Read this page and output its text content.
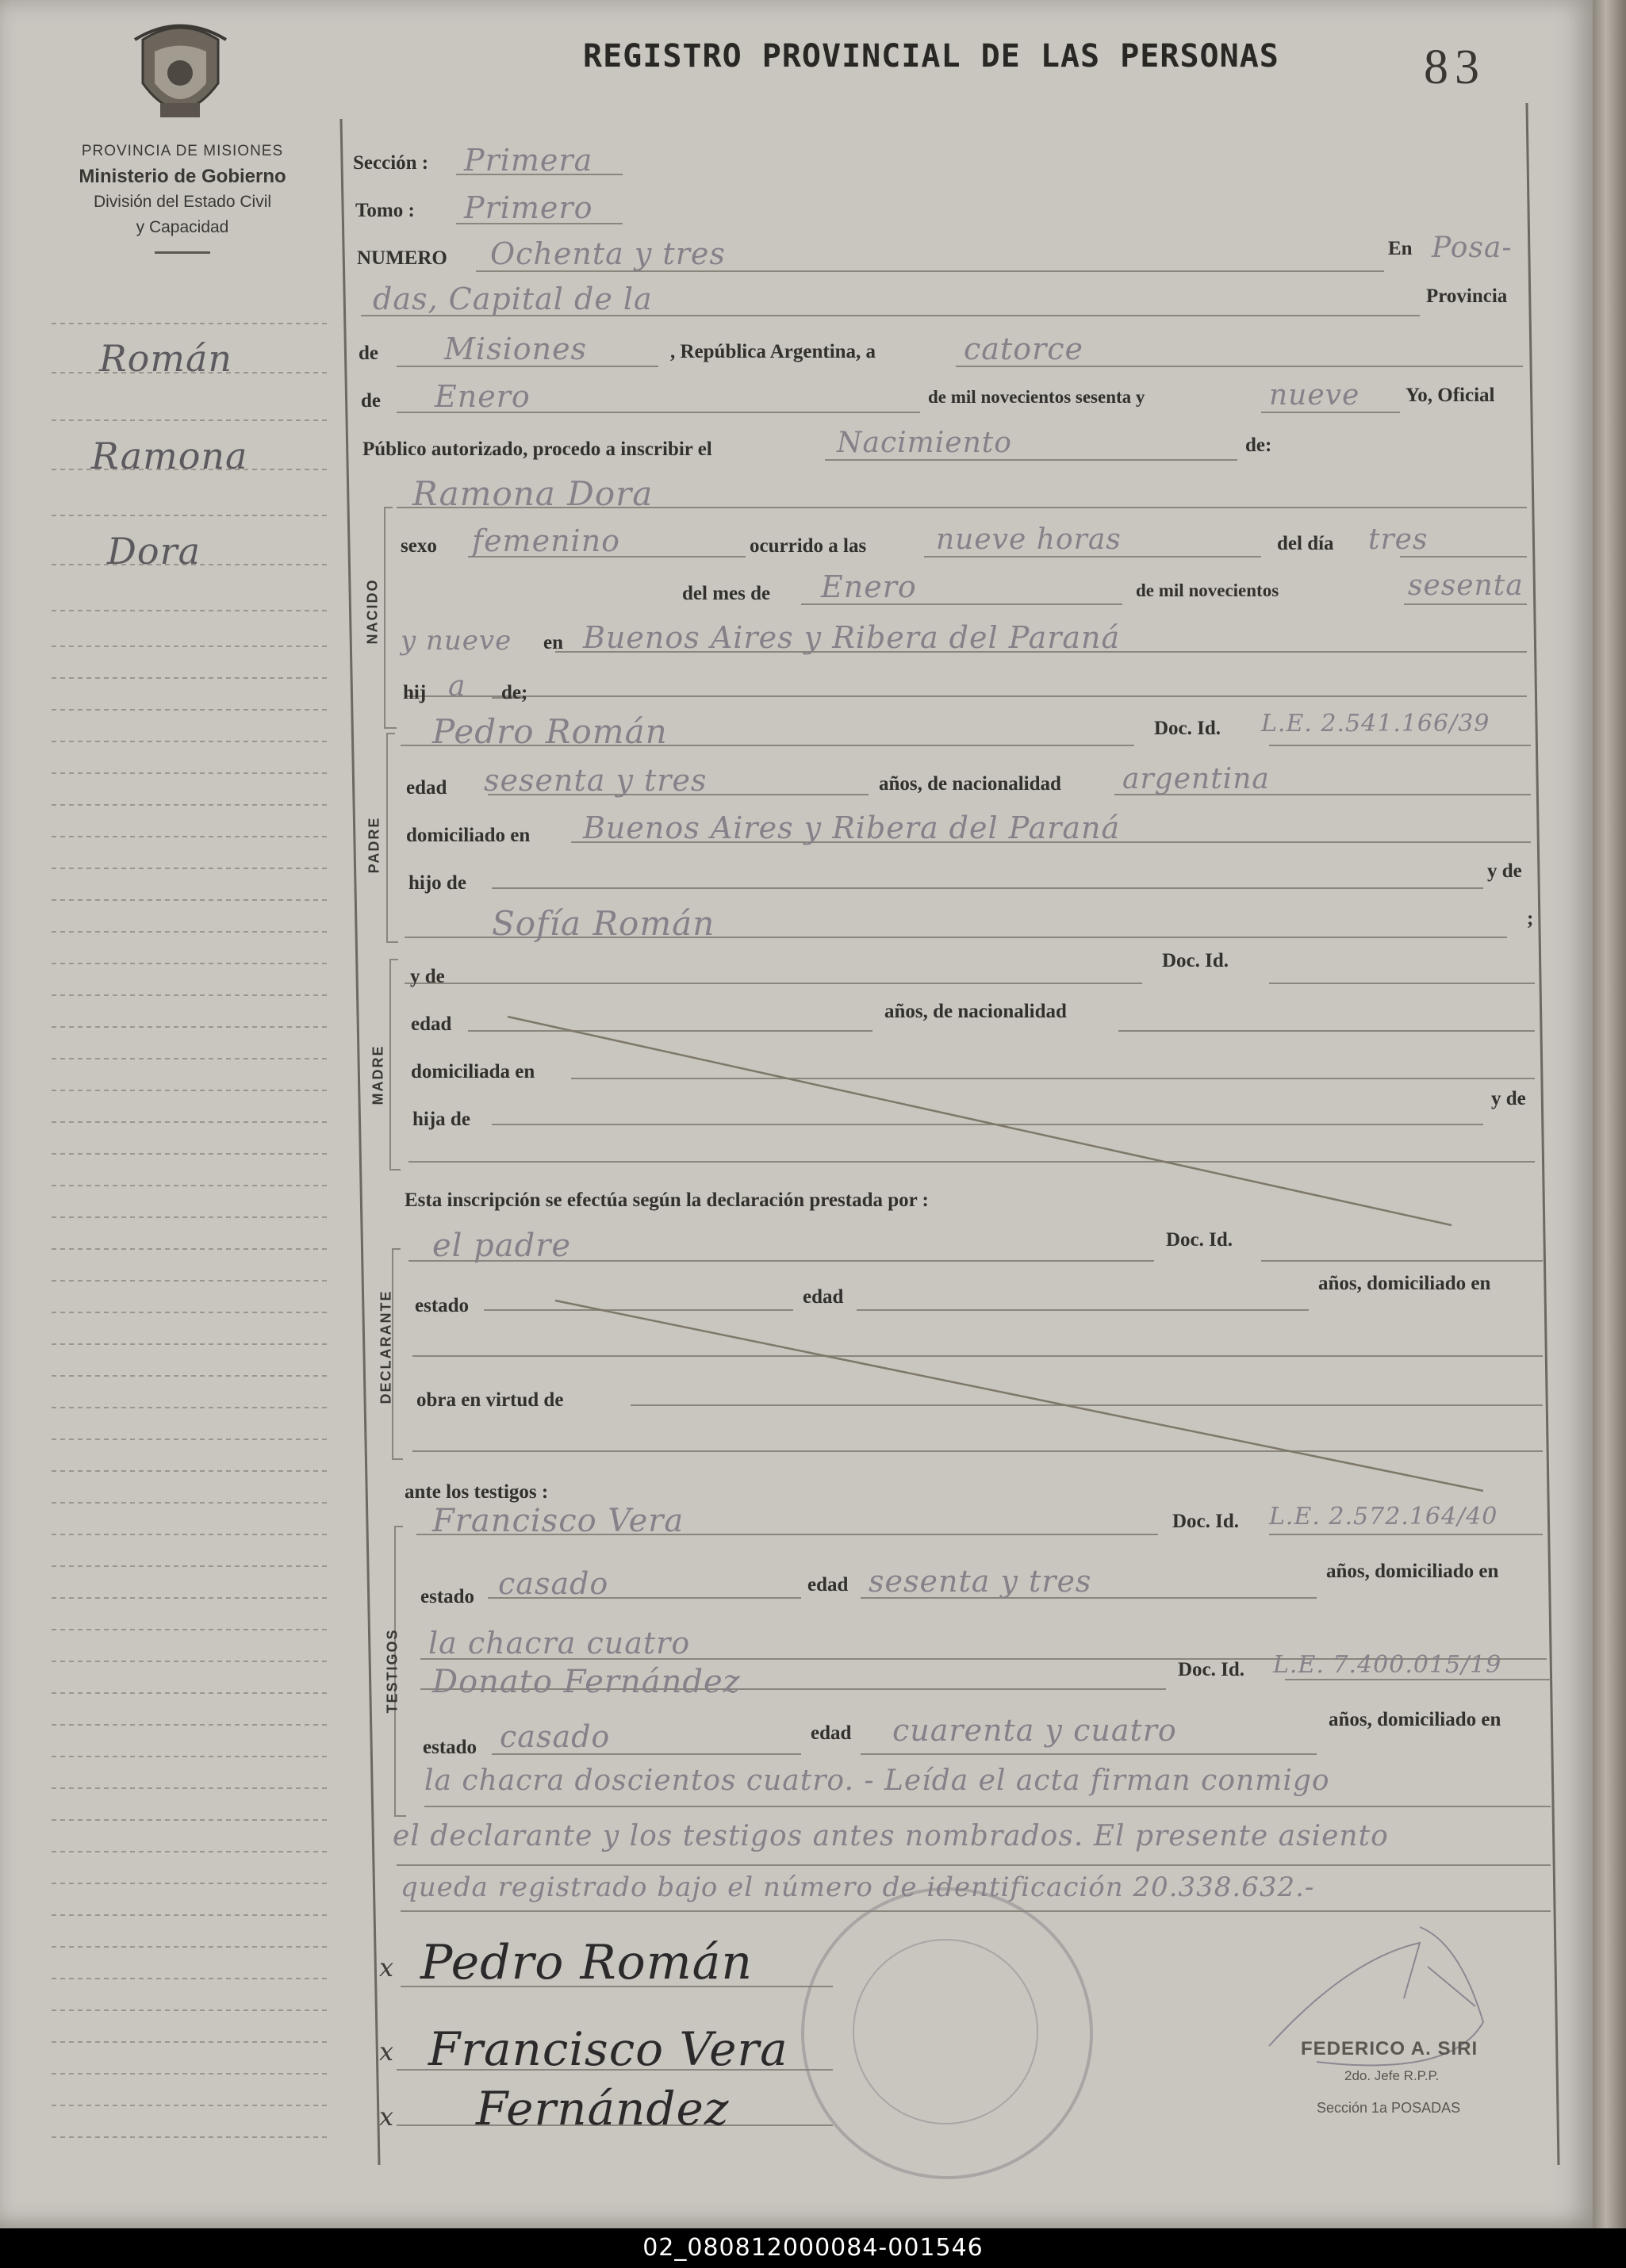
REGISTRO PROVINCIAL DE LAS PERSONAS	83
PROVINCIA DE MISIONES
Ministerio de Gobierno
División del Estado Civil
y Capacidad
Román
Ramona
Dora
Sección : Primera
Tomo : Primero
NUMERO Ochenta y tres	En Posa-
das, Capital de la	Provincia
de Misiones	, República Argentina, a	catorce
de Enero	de mil novecientos sesenta y	nueve Yo, Oficial
Público autorizado, procedo a inscribir el	Nacimiento	de:
NACIDO
Ramona Dora
sexo femenino	ocurrido a las nueve horas	del día tres
del mes de Enero	de mil novecientos	sesenta
y nueve en Buenos Aires y Ribera del Paraná
hij a de;
PADRE
Pedro Román	Doc. Id. L.E. 2.541.166/39
edad sesenta y tres	años, de nacionalidad argentina
domiciliado en Buenos Aires y Ribera del Paraná
hijo de
y de
Sofía Román	;
MADRE
y de
Doc. Id.
edad
años, de nacionalidad
domiciliada en
hija de
y de
Esta inscripción se efectúa según la declaración prestada por :
DECLARANTE
el padre	Doc. Id.
estado	edad
años, domiciliado en
obra en virtud de
ante los testigos :
TESTIGOS
Francisco Vera	Doc. Id. L.E. 2.572.164/40
estado casado	edad sesenta y tres	años, domiciliado en
la chacra cuatro
Donato Fernández	Doc. Id. L.E. 7.400.015/19
estado casado	edad cuarenta y cuatro	años, domiciliado en
la chacra doscientos cuatro. - Leída el acta firman conmigo
el declarante y los testigos antes nombrados. El presente asiento
queda registrado bajo el número de identificación 20.338.632.-
x Pedro Román
x Francisco Vera
x Fernández
FEDERICO A. SIRI
2do. Jefe R.P.P.
Sección 1a POSADAS
02_080812000084-001546
